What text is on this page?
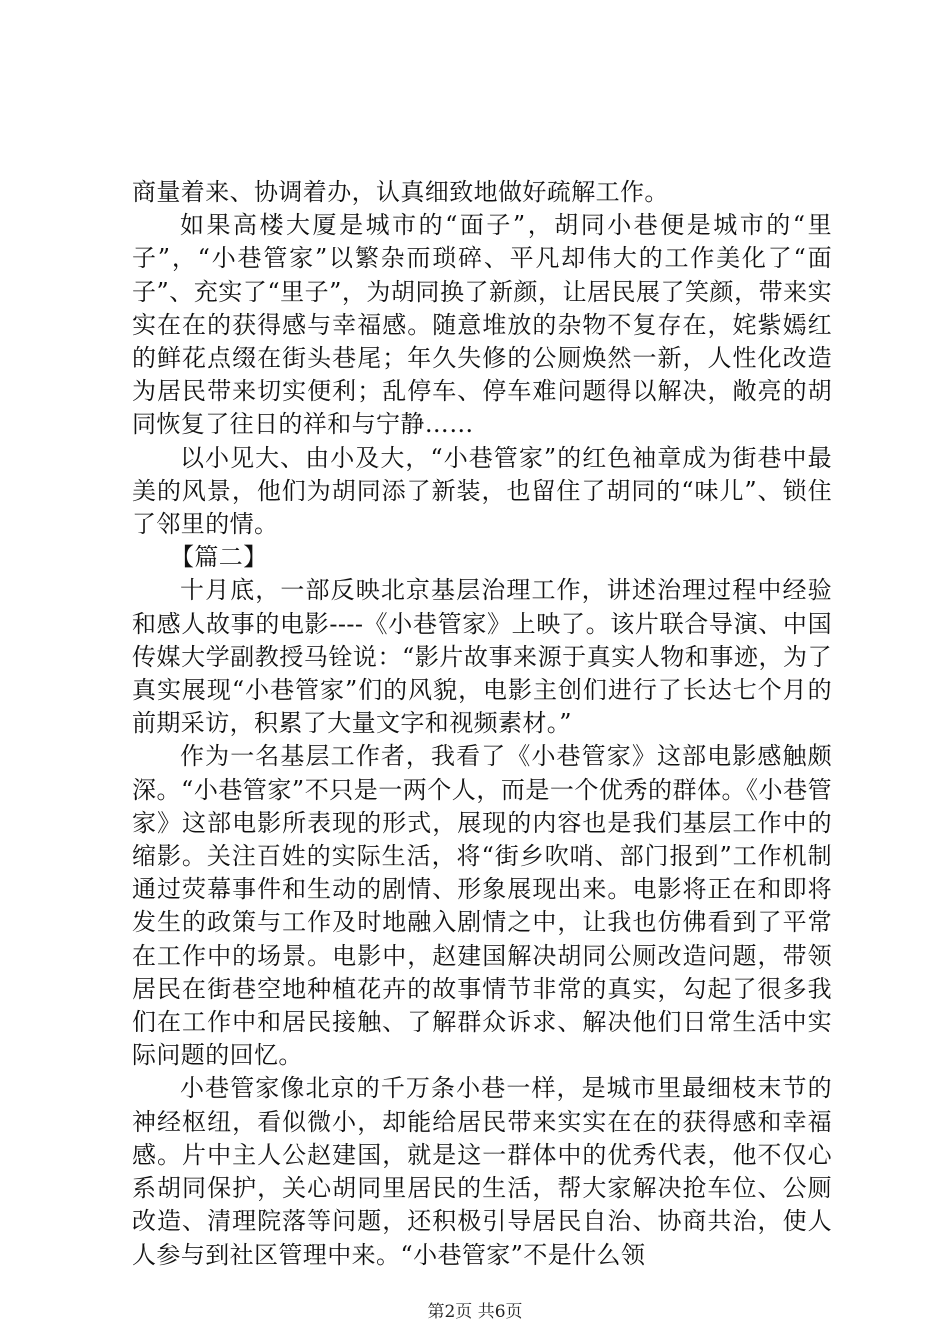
商量着来、协调着办，认真细致地做好疏解工作。

如果高楼大厦是城市的“面子”，胡同小巷便是城市的“里子”，“小巷管家”以繁杂而琐碎、平凡却伟大的工作美化了“面子”、充实了“里子”，为胡同换了新颜，让居民展了笑颜，带来实实在在的获得感与幸福感。随意堆放的杂物不复存在，姹紫嫣红的鲜花点缀在街头巷尾；年久失修的公厕焕然一新，人性化改造为居民带来切实便利；乱停车、停车难问题得以解决，敞亮的胡同恢复了往日的祥和与宁静……

以小见大、由小及大，“小巷管家”的红色袖章成为街巷中最美的风景，他们为胡同添了新装，也留住了胡同的“味儿”、锁住了邻里的情。

【篇二】

十月底，一部反映北京基层治理工作，讲述治理过程中经验和感人故事的电影----《小巷管家》上映了。该片联合导演、中国传媒大学副教授马铨说：“影片故事来源于真实人物和事迹，为了真实展现“小巷管家”们的风貌，电影主创们进行了长达七个月的前期采访，积累了大量文字和视频素材。”

作为一名基层工作者，我看了《小巷管家》这部电影感触颇深。“小巷管家”不只是一两个人，而是一个优秀的群体。《小巷管家》这部电影所表现的形式，展现的内容也是我们基层工作中的缩影。关注百姓的实际生活，将“街乡吹哨、部门报到”工作机制通过荧幕事件和生动的剧情、形象展现出来。电影将正在和即将发生的政策与工作及时地融入剧情之中，让我也仿佛看到了平常在工作中的场景。电影中，赵建国解决胡同公厕改造问题，带领居民在街巷空地种植花卉的故事情节非常的真实，勾起了很多我们在工作中和居民接触、了解群众诉求、解决他们日常生活中实际问题的回忆。

小巷管家像北京的千万条小巷一样，是城市里最细枝末节的神经枢纽，看似微小，却能给居民带来实实在在的获得感和幸福感。片中主人公赵建国，就是这一群体中的优秀代表，他不仅心系胡同保护，关心胡同里居民的生活，帮大家解决抢车位、公厕改造、清理院落等问题，还积极引导居民自治、协商共治，使人人参与到社区管理中来。“小巷管家”不是什么领

第2页 共6页
